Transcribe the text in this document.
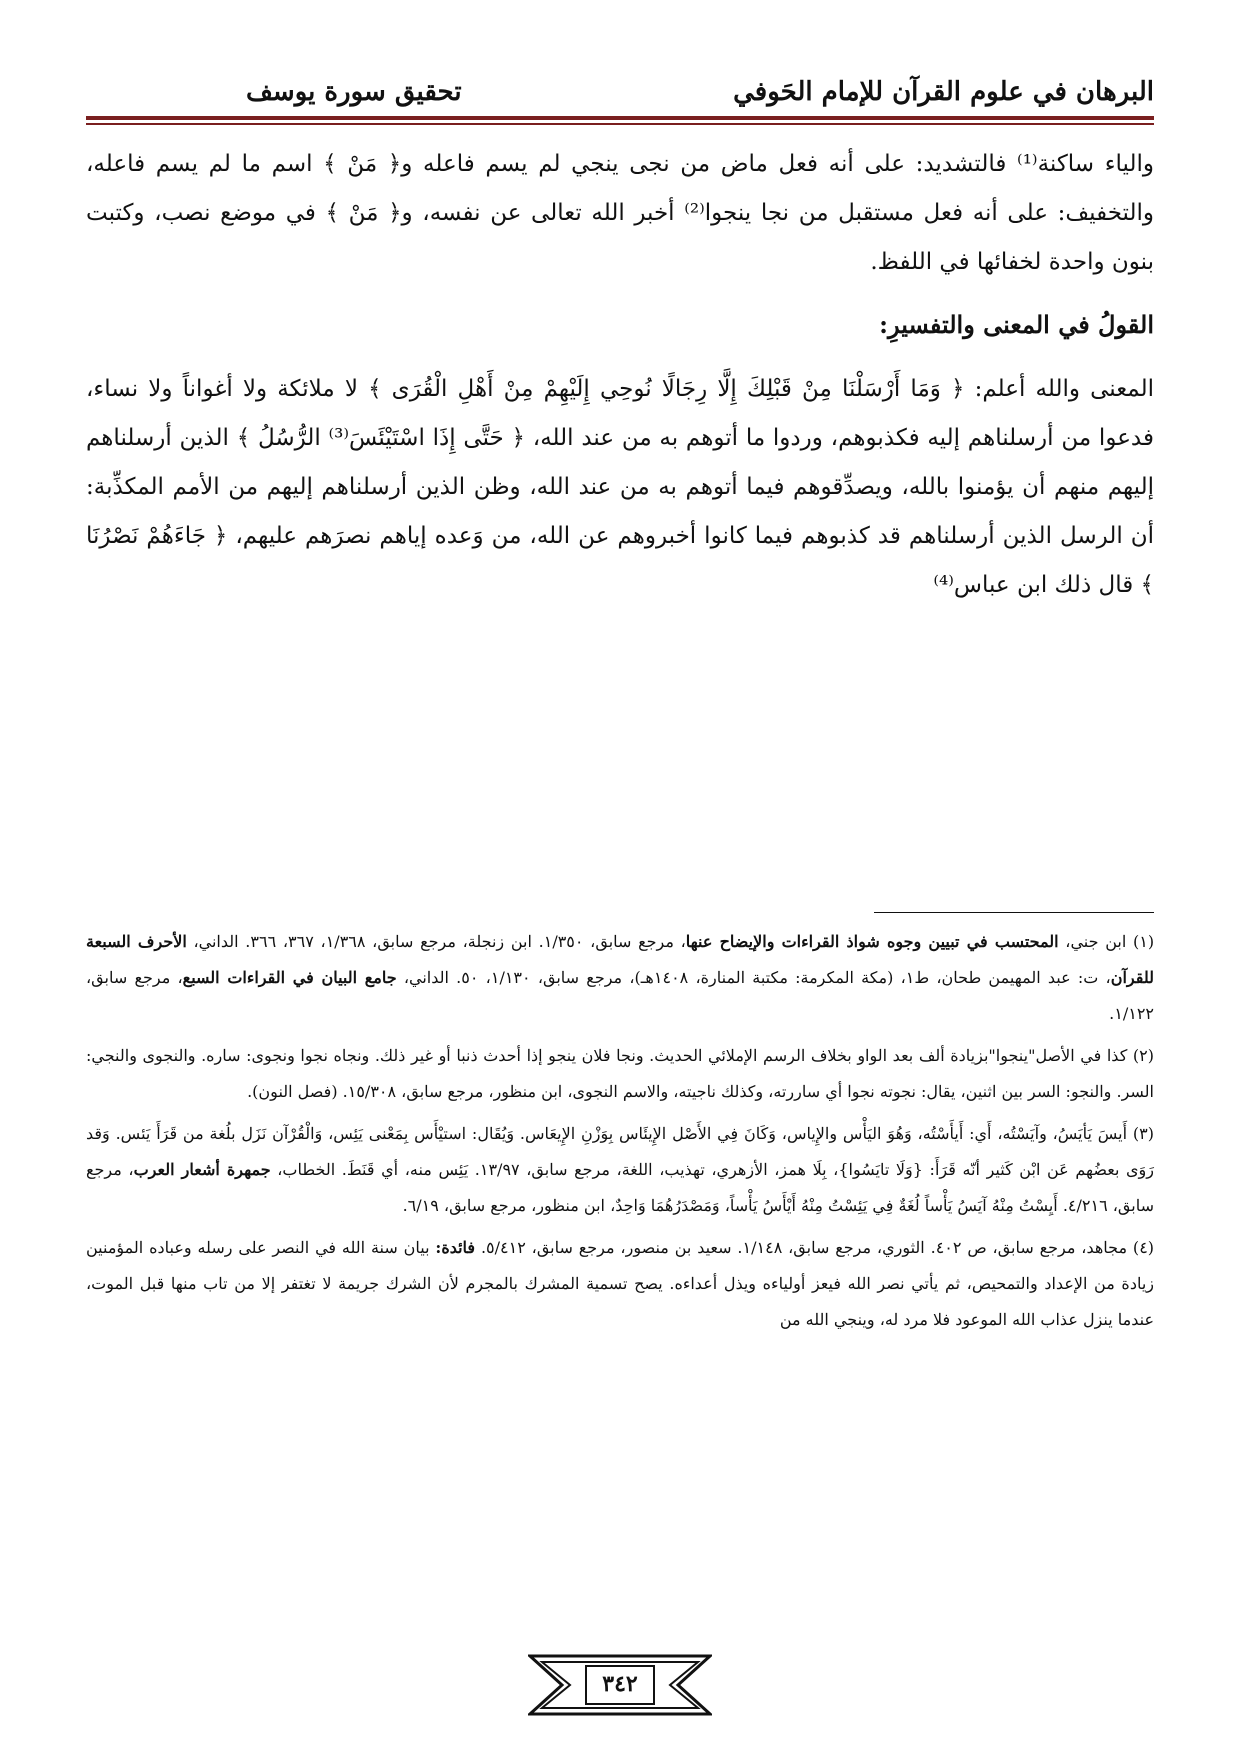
البرهان في علوم القرآن للإمام الحَوفي
تحقيق سورة يوسف

والياء ساكنة⁽¹⁾ فالتشديد: على أنه فعل ماض من نجى ينجي لم يسم فاعله و﴿ مَنْ ﴾ اسم ما لم يسم فاعله، والتخفيف: على أنه فعل مستقبل من نجا ينجوا⁽²⁾ أخبر الله تعالى عن نفسه، و﴿ مَنْ ﴾ في موضع نصب، وكتبت بنون واحدة لخفائها في اللفظ.

القولُ في المعنى والتفسيرِ:

المعنى والله أعلم: ﴿ وَمَا أَرْسَلْنَا مِنْ قَبْلِكَ إِلَّا رِجَالًا نُوحِي إِلَيْهِمْ مِنْ أَهْلِ الْقُرَى ﴾ لا ملائكة ولا أغواناً ولا نساء، فدعوا من أرسلناهم إليه فكذبوهم، وردوا ما أتوهم به من عند الله، ﴿ حَتَّى إِذَا اسْتَيْئَسَ⁽³⁾ الرُّسُلُ ﴾ الذين أرسلناهم إليهم منهم أن يؤمنوا بالله، ويصدِّقوهم فيما أتوهم به من عند الله، وظن الذين أرسلناهم إليهم من الأمم المكذِّبة: أن الرسل الذين أرسلناهم قد كذبوهم فيما كانوا أخبروهم عن الله، من وَعده إياهم نصرَهم عليهم، ﴿ جَاءَهُمْ نَصْرُنَا ﴾ قال ذلك ابن عباس⁽⁴⁾

(١) ابن جني، المحتسب في تبيين وجوه شواذ القراءات والإيضاح عنها، مرجع سابق، ١/٣٥٠. ابن زنجلة، مرجع سابق، ١/٣٦٨، ٣٦٧، ٣٦٦. الداني، الأحرف السبعة للقرآن، ت: عبد المهيمن طحان، ط١، (مكة المكرمة: مكتبة المنارة، ١٤٠٨هـ)، مرجع سابق، ١/١٣٠، ٥٠. الداني، جامع البيان في القراءات السبع، مرجع سابق، ١/١٢٢.

(٢) كذا في الأصل"ينجوا"بزيادة ألف بعد الواو بخلاف الرسم الإملائي الحديث. ونجا فلان ينجو إذا أحدث ذنبا أو غير ذلك. ونجاه نجوا ونجوى: ساره. والنجوى والنجي: السر. والنجو: السر بين اثنين، يقال: نجوته نجوا أي ساررته، وكذلك ناجيته، والاسم النجوى، ابن منظور، مرجع سابق، ١٥/٣٠٨. (فصل النون).

(٣) أَيسَ يَأيَسُ، وآيَسْتُه، أَي: أَيأَسْتُه، وَهُوَ اليَأْس والإِياس، وَكَانَ فِي الأَصْل الإِيئَاس بِوَزْنِ الإِيعَاس. وَيُقَال: استيْأَس بِمَعْنى يَئِس، وَالْقُرْآن نَزَل بلُغة من قَرَأَ يَئس. وَقد رَوَى بعضُهم عَن ابْن كَثير أنّه قَرَأَ: {وَلَا تايَسُوا}، بِلَا همز، الأزهري، تهذيب، اللغة، مرجع سابق، ١٣/٩٧. يَئِس منه، أي قَنَطَ. الخطاب، جمهرة أشعار العرب، مرجع سابق، ٤/٢١٦. أَيِسْتُ مِنْهُ آيَسُ يَأْساً لُغَةٌ فِي يَئِسْتُ مِنْهُ أَيْأَسُ يَأْساً، وَمَصْدَرُهُمَا وَاحِدٌ، ابن منظور، مرجع سابق، ٦/١٩.

(٤) مجاهد، مرجع سابق، ص ٤٠٢. الثوري، مرجع سابق، ١/١٤٨. سعيد بن منصور، مرجع سابق، ٥/٤١٢. فائدة: بيان سنة الله في النصر على رسله وعباده المؤمنين زيادة من الإعداد والتمحيص، ثم يأتي نصر الله فيعز أولياءه ويذل أعداءه. يصح تسمية المشرك بالمجرم لأن الشرك جريمة لا تغتفر إلا من تاب منها قبل الموت، عندما ينزل عذاب الله الموعود فلا مرد له، وينجي الله من

٣٤٢
